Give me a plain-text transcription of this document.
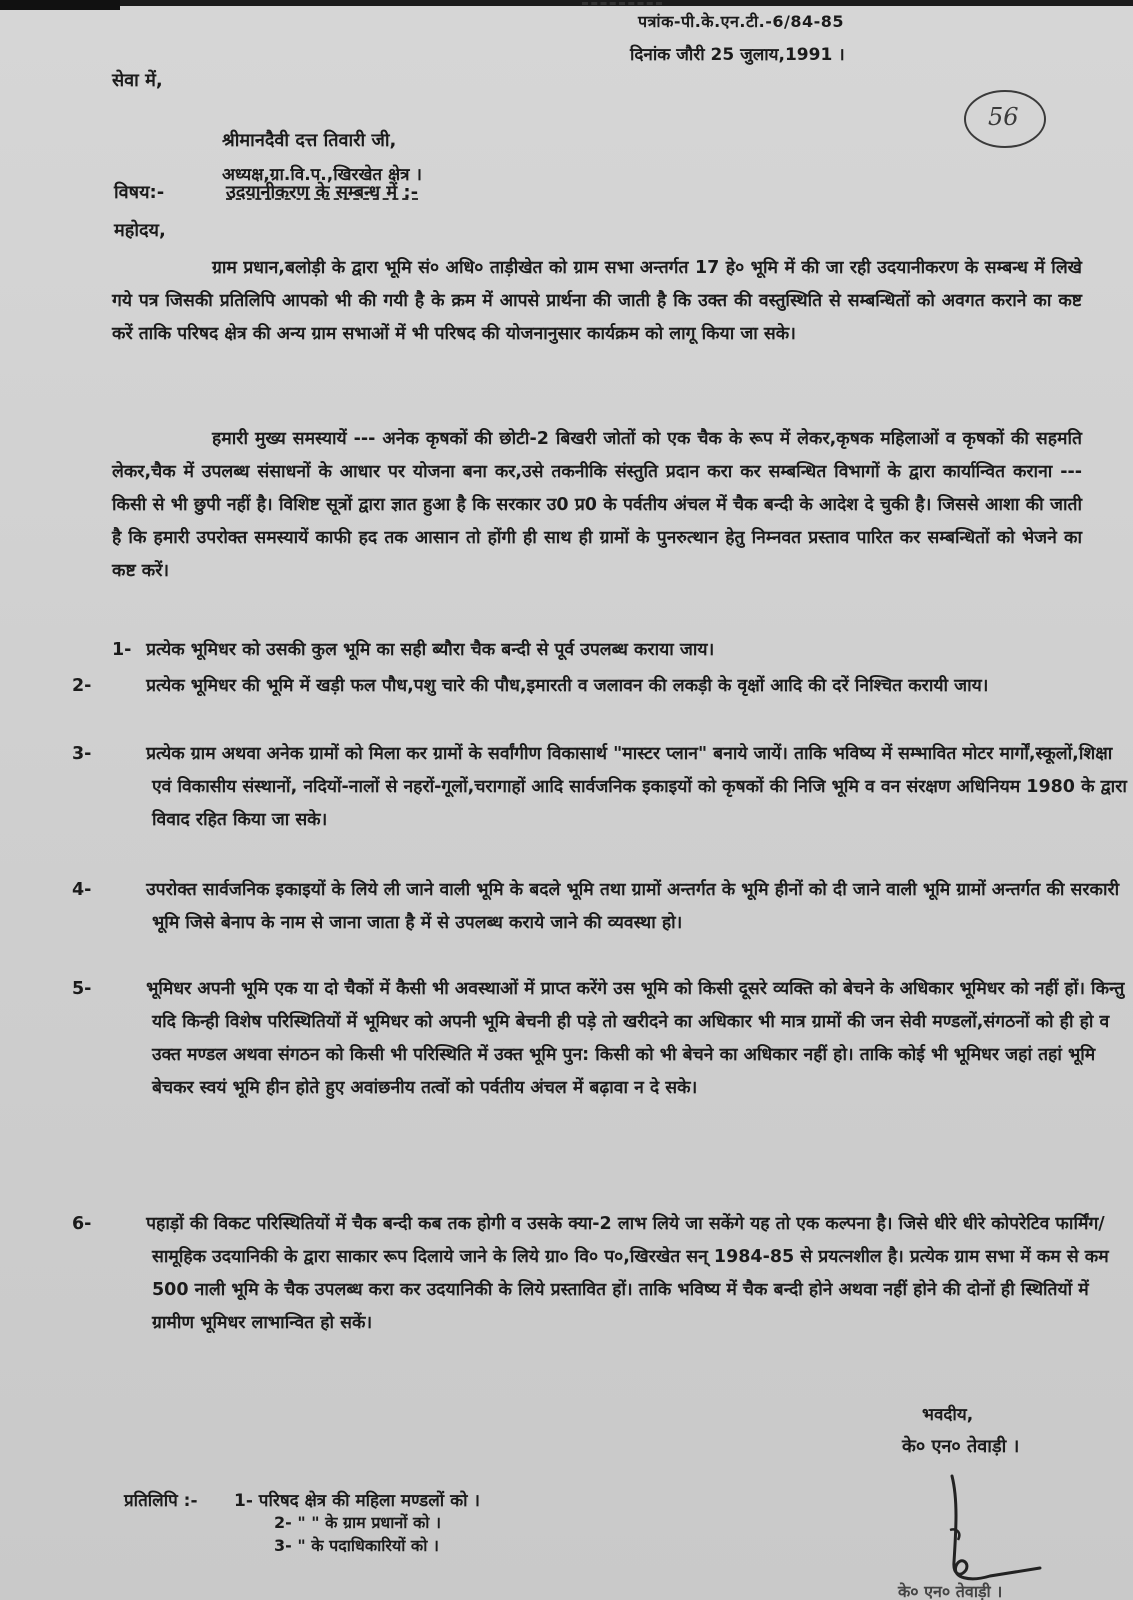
पत्रांक-पी.के.एन.टी.-6/84-85
दिनांक जौरी 25 जुलाय,1991 ।
56
सेवा में,
श्रीमानदैवी दत्त तिवारी जी,
अध्यक्ष,ग्रा.वि.प.,खिरखेत क्षेत्र ।
विषय:-	उदयानीकरण के सम्बन्ध में :-
महोदय,
ग्राम प्रधान,बलोड़ी के द्वारा भूमि सं० अधि० ताड़ीखेत को ग्राम सभा अन्तर्गत 17 हे० भूमि में की जा रही उदयानीकरण के सम्बन्ध में लिखे गये पत्र जिसकी प्रतिलिपि आपको भी की गयी है के क्रम में आपसे प्रार्थना की जाती है कि उक्त की वस्तुस्थिति से सम्बन्धितों को अवगत कराने का कष्ट करें ताकि परिषद क्षेत्र की अन्य ग्राम सभाओं में भी परिषद की योजनानुसार कार्यक्रम को लागू किया जा सके।
हमारी मुख्य समस्यायें --- अनेक कृषकों की छोटी-2 बिखरी जोतों को एक चैक के रूप में लेकर,कृषक महिलाओं व कृषकों की सहमति लेकर,चैक में उपलब्ध संसाधनों के आधार पर योजना बना कर,उसे तकनीकि संस्तुति प्रदान करा कर सम्बन्धित विभागों के द्वारा कार्यान्वित कराना --- किसी से भी छुपी नहीं है। विशिष्ट सूत्रों द्वारा ज्ञात हुआ है कि सरकार उ0 प्र0 के पर्वतीय अंचल में चैक बन्दी के आदेश दे चुकी है। जिससे आशा की जाती है कि हमारी उपरोक्त समस्यायें काफी हद तक आसान तो होंगी ही साथ ही ग्रामों के पुनरुत्थान हेतु निम्नवत प्रस्ताव पारित कर सम्बन्धितों को भेजने का कष्ट करें।
1- प्रत्येक भूमिधर को उसकी कुल भूमि का सही ब्यौरा चैक बन्दी से पूर्व उपलब्ध कराया जाय।
2-	प्रत्येक भूमिधर की भूमि में खड़ी फल पौध,पशु चारे की पौध,इमारती व जलावन की लकड़ी के वृक्षों आदि की दरें निश्चित करायी जाय।
3-	प्रत्येक ग्राम अथवा अनेक ग्रामों को मिला कर ग्रामों के सर्वांगीण विकासार्थ "मास्टर प्लान" बनाये जायें। ताकि भविष्य में सम्भावित मोटर मार्गों,स्कूलों,शिक्षा एवं विकासीय संस्थानों, नदियों-नालों से नहरों-गूलों,चरागाहों आदि सार्वजनिक इकाइयों को कृषकों की निजि भूमि व वन संरक्षण अधिनियम 1980 के द्वारा विवाद रहित किया जा सके।
4-	उपरोक्त सार्वजनिक इकाइयों के लिये ली जाने वाली भूमि के बदले भूमि तथा ग्रामों अन्तर्गत के भूमि हीनों को दी जाने वाली भूमि ग्रामों अन्तर्गत की सरकारी भूमि जिसे बेनाप के नाम से जाना जाता है में से उपलब्ध कराये जाने की व्यवस्था हो।
5-	भूमिधर अपनी भूमि एक या दो चैकों में कैसी भी अवस्थाओं में प्राप्त करेंगे उस भूमि को किसी दूसरे व्यक्ति को बेचने के अधिकार भूमिधर को नहीं हों। किन्तु यदि किन्ही विशेष परिस्थितियों में भूमिधर को अपनी भूमि बेचनी ही पड़े तो खरीदने का अधिकार भी मात्र ग्रामों की जन सेवी मण्डलों,संगठनों को ही हो व उक्त मण्डल अथवा संगठन को किसी भी परिस्थिति में उक्त भूमि पुन: किसी को भी बेचने का अधिकार नहीं हो। ताकि कोई भी भूमिधर जहां तहां भूमि बेचकर स्वयं भूमि हीन होते हुए अवांछनीय तत्वों को पर्वतीय अंचल में बढ़ावा न दे सके।
6-	पहाड़ों की विकट परिस्थितियों में चैक बन्दी कब तक होगी व उसके क्या-2 लाभ लिये जा सकेंगे यह तो एक कल्पना है। जिसे धीरे धीरे कोपरेटिव फार्मिंग/ सामूहिक उदयानिकी के द्वारा साकार रूप दिलाये जाने के लिये ग्रा० वि० प०,खिरखेत सन् 1984-85 से प्रयत्नशील है। प्रत्येक ग्राम सभा में कम से कम 500 नाली भूमि के चैक उपलब्ध करा कर उदयानिकी के लिये प्रस्तावित हों। ताकि भविष्य में चैक बन्दी होने अथवा नहीं होने की दोनों ही स्थितियों में ग्रामीण भूमिधर लाभान्वित हो सकें।
भवदीय,
के० एन० तेवाड़ी ।
के० एन० तेवाड़ी ।
प्रतिलिपि :- 1- परिषद क्षेत्र की महिला मण्डलों को ।
2- " " के ग्राम प्रधानों को ।
3- " के पदाधिकारियों को ।
